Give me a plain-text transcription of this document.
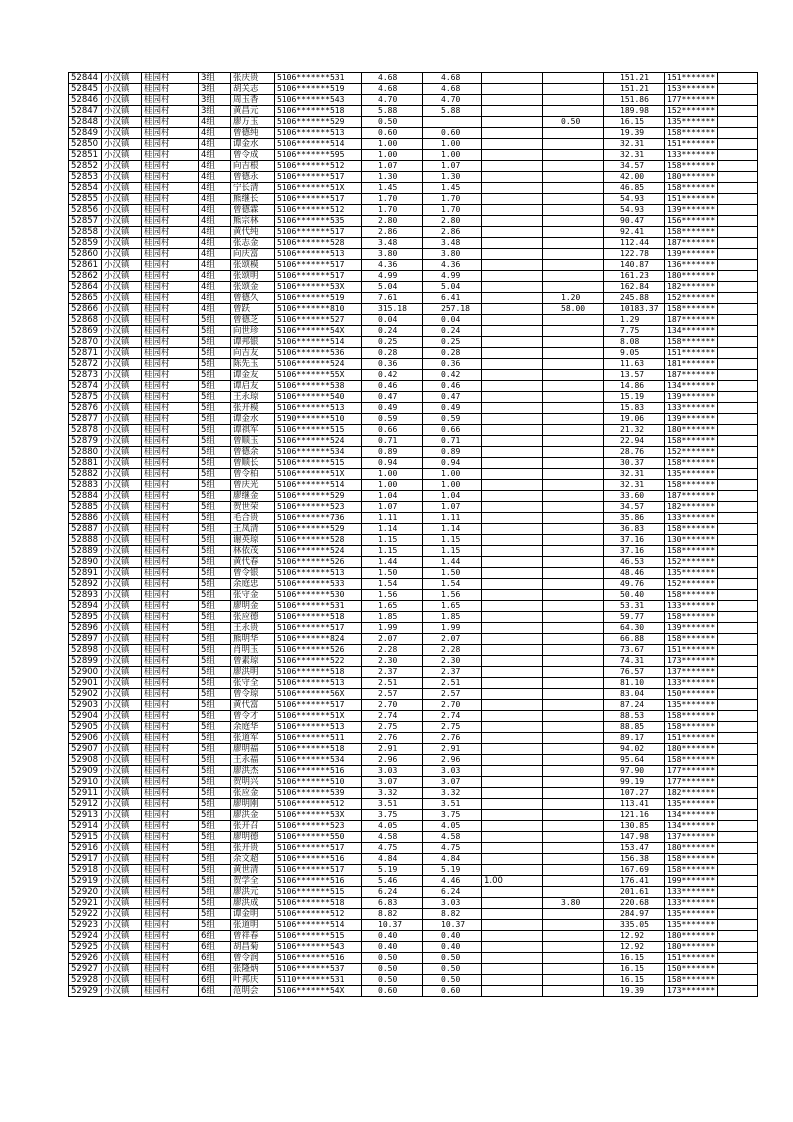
52844	小汉镇	桂园村	3组	张庆贵	5106*******531	4.68	4.68			151.21	151*******	
52845	小汉镇	桂园村	3组	胡关志	5106*******519	4.68	4.68			151.21	153*******	
52846	小汉镇	桂园村	3组	周玉香	5106*******543	4.70	4.70			151.86	177*******	
52847	小汉镇	桂园村	3组	黄昌元	5106*******518	5.88	5.88			189.98	152*******	
52848	小汉镇	桂园村	4组	廖万玉	5106*******529	0.50			0.50	16.15	135*******	
52849	小汉镇	桂园村	4组	曾德纯	5106*******513	0.60	0.60			19.39	158*******	
52850	小汉镇	桂园村	4组	谭金水	5106*******514	1.00	1.00			32.31	151*******	
52851	小汉镇	桂园村	4组	曾令成	5106*******595	1.00	1.00			32.31	133*******	
52852	小汉镇	桂园村	4组	向吉根	5106*******512	1.07	1.07			34.57	158*******	
52853	小汉镇	桂园村	4组	曾德永	5106*******517	1.30	1.30			42.00	180*******	
52854	小汉镇	桂园村	4组	宁长清	5106*******51X	1.45	1.45			46.85	158*******	
52855	小汉镇	桂园村	4组	熊继长	5106*******517	1.70	1.70			54.93	151*******	
52856	小汉镇	桂园村	4组	曾德霖	5106*******512	1.70	1.70			54.93	139*******	
52857	小汉镇	桂园村	4组	熊宗林	5106*******535	2.80	2.80			90.47	156*******	
52858	小汉镇	桂园村	4组	黄代纯	5106*******517	2.86	2.86			92.41	158*******	
52859	小汉镇	桂园村	4组	张志金	5106*******528	3.48	3.48			112.44	187*******	
52860	小汉镇	桂园村	4组	向庆富	5106*******513	3.80	3.80			122.78	139*******	
52861	小汉镇	桂园村	4组	张颂模	5106*******517	4.36	4.36			140.87	136*******	
52862	小汉镇	桂园村	4组	张颂明	5106*******517	4.99	4.99			161.23	180*******	
52864	小汉镇	桂园村	4组	张颂金	5106*******53X	5.04	5.04			162.84	182*******	
52865	小汉镇	桂园村	4组	曾德久	5106*******519	7.61	6.41		1.20	245.88	152*******	
52866	小汉镇	桂园村	4组	曾跃	5106*******810	315.18	257.18		58.00	10183.37	158*******	
52868	小汉镇	桂园村	5组	曾德芝	5106*******527	0.04	0.04			1.29	187*******	
52869	小汉镇	桂园村	5组	向世珍	5106*******54X	0.24	0.24			7.75	134*******	
52870	小汉镇	桂园村	5组	谭邦银	5106*******514	0.25	0.25			8.08	158*******	
52871	小汉镇	桂园村	5组	向吉友	5106*******536	0.28	0.28			9.05	151*******	
52872	小汉镇	桂园村	5组	陈先玉	5106*******524	0.36	0.36			11.63	181*******	
52873	小汉镇	桂园村	5组	谭金友	5106*******55X	0.42	0.42			13.57	187*******	
52874	小汉镇	桂园村	5组	谭启友	5106*******538	0.46	0.46			14.86	134*******	
52875	小汉镇	桂园村	5组	王永琼	5106*******540	0.47	0.47			15.19	139*******	
52876	小汉镇	桂园村	5组	张开模	5106*******513	0.49	0.49			15.83	133*******	
52877	小汉镇	桂园村	5组	谭金水	5190*******510	0.59	0.59			19.06	139*******	
52878	小汉镇	桂园村	5组	谭祺军	5106*******515	0.66	0.66			21.32	180*******	
52879	小汉镇	桂园村	5组	曾顺玉	5106*******524	0.71	0.71			22.94	158*******	
52880	小汉镇	桂园村	5组	曾德余	5106*******534	0.89	0.89			28.76	152*******	
52881	小汉镇	桂园村	5组	曾顺长	5106*******515	0.94	0.94			30.37	158*******	
52882	小汉镇	桂园村	5组	曾令柏	5106*******51X	1.00	1.00			32.31	135*******	
52883	小汉镇	桂园村	5组	曾庆光	5106*******514	1.00	1.00			32.31	158*******	
52884	小汉镇	桂园村	5组	廖继金	5106*******529	1.04	1.04			33.60	187*******	
52885	小汉镇	桂园村	5组	贺世荣	5106*******523	1.07	1.07			34.57	182*******	
52886	小汉镇	桂园村	5组	毛合贵	5106*******736	1.11	1.11			35.86	133*******	
52887	小汉镇	桂园村	5组	王凤清	5106*******529	1.14	1.14			36.83	158*******	
52888	小汉镇	桂园村	5组	谢英琼	5106*******528	1.15	1.15			37.16	130*******	
52889	小汉镇	桂园村	5组	林依茂	5106*******524	1.15	1.15			37.16	158*******	
52890	小汉镇	桂园村	5组	黄代春	5106*******526	1.44	1.44			46.53	152*******	
52891	小汉镇	桂园村	5组	曾令银	5106*******513	1.50	1.50			48.46	135*******	
52892	小汉镇	桂园村	5组	余庭忠	5106*******533	1.54	1.54			49.76	152*******	
52893	小汉镇	桂园村	5组	张守金	5106*******530	1.56	1.56			50.40	158*******	
52894	小汉镇	桂园村	5组	廖明金	5106*******531	1.65	1.65			53.31	133*******	
52895	小汉镇	桂园村	5组	张应德	5106*******518	1.85	1.85			59.77	158*******	
52896	小汉镇	桂园村	5组	王永贵	5106*******517	1.99	1.99			64.30	139*******	
52897	小汉镇	桂园村	5组	熊明华	5106*******824	2.07	2.07			66.88	158*******	
52898	小汉镇	桂园村	5组	肖明玉	5106*******526	2.28	2.28			73.67	151*******	
52899	小汉镇	桂园村	5组	曾素琼	5106*******522	2.30	2.30			74.31	173*******	
52900	小汉镇	桂园村	5组	廖洪明	5106*******518	2.37	2.37			76.57	137*******	
52901	小汉镇	桂园村	5组	张守全	5106*******513	2.51	2.51			81.10	133*******	
52902	小汉镇	桂园村	5组	曾令琼	5106*******56X	2.57	2.57			83.04	150*******	
52903	小汉镇	桂园村	5组	黄代富	5106*******517	2.70	2.70			87.24	135*******	
52904	小汉镇	桂园村	5组	曾令才	5106*******51X	2.74	2.74			88.53	158*******	
52905	小汉镇	桂园村	5组	余庭华	5106*******513	2.75	2.75			88.85	158*******	
52906	小汉镇	桂园村	5组	张道军	5106*******511	2.76	2.76			89.17	151*******	
52907	小汉镇	桂园村	5组	廖明福	5106*******518	2.91	2.91			94.02	180*******	
52908	小汉镇	桂园村	5组	王永福	5106*******534	2.96	2.96			95.64	158*******	
52909	小汉镇	桂园村	5组	廖洪杰	5106*******516	3.03	3.03			97.90	177*******	
52910	小汉镇	桂园村	5组	贺明兴	5106*******510	3.07	3.07			99.19	177*******	
52911	小汉镇	桂园村	5组	张应金	5106*******539	3.32	3.32			107.27	182*******	
52912	小汉镇	桂园村	5组	廖明刚	5106*******512	3.51	3.51			113.41	135*******	
52913	小汉镇	桂园村	5组	廖洪金	5106*******53X	3.75	3.75			121.16	134*******	
52914	小汉镇	桂园村	5组	张开召	5106*******523	4.05	4.05			130.85	134*******	
52915	小汉镇	桂园村	5组	廖明德	5106*******550	4.58	4.58			147.98	137*******	
52916	小汉镇	桂园村	5组	张开贵	5106*******517	4.75	4.75			153.47	180*******	
52917	小汉镇	桂园村	5组	余文超	5106*******516	4.84	4.84			156.38	158*******	
52918	小汉镇	桂园村	5组	黄世清	5106*******517	5.19	5.19			167.69	158*******	
52919	小汉镇	桂园村	5组	贺学全	5106*******516	5.46	4.46	1.00		176.41	199*******	
52920	小汉镇	桂园村	5组	廖洪元	5106*******515	6.24	6.24			201.61	133*******	
52921	小汉镇	桂园村	5组	廖洪成	5106*******518	6.83	3.03		3.80	220.68	133*******	
52922	小汉镇	桂园村	5组	谭金明	5106*******512	8.82	8.82			284.97	135*******	
52923	小汉镇	桂园村	5组	张道明	5106*******514	10.37	10.37			335.05	135*******	
52924	小汉镇	桂园村	6组	曾祥春	5106*******515	0.40	0.40			12.92	180*******	
52925	小汉镇	桂园村	6组	胡昌菊	5106*******543	0.40	0.40			12.92	180*******	
52926	小汉镇	桂园村	6组	曾令润	5106*******516	0.50	0.50			16.15	151*******	
52927	小汉镇	桂园村	6组	张隆炳	5106*******537	0.50	0.50			16.15	150*******	
52928	小汉镇	桂园村	6组	叶邦庆	5110*******531	0.50	0.50			16.15	158*******	
52929	小汉镇	桂园村	6组	范明会	5106*******54X	0.60	0.60			19.39	173*******	
